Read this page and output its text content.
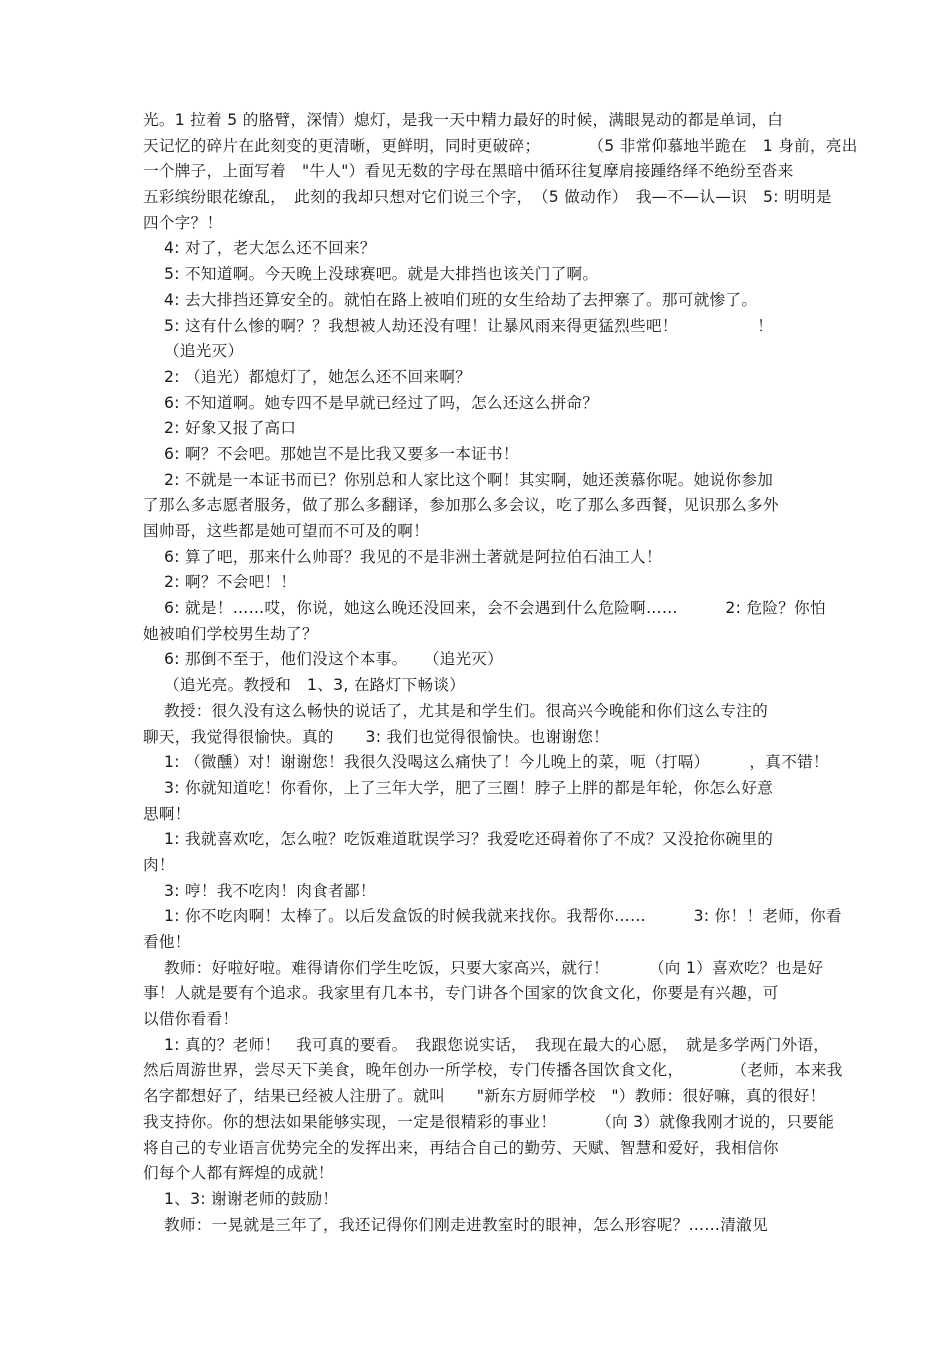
光。1 拉着 5 的胳臂，深情）熄灯，是我一天中精力最好的时候，满眼晃动的都是单词，白
天记忆的碎片在此刻变的更清晰，更鲜明，同时更破碎；　　　　（5 非常仰慕地半跪在　1 身前，亮出
一个牌子，上面写着　"牛人"）看见无数的字母在黑暗中循环往复摩肩接踵络绎不绝纷至沓来
五彩缤纷眼花缭乱，　此刻的我却只想对它们说三个字，　（5 做动作）　我—不—认—识　5: 明明是
四个字？！
4: 对了，老大怎么还不回来？
5: 不知道啊。今天晚上没球赛吧。就是大排挡也该关门了啊。
4: 去大排挡还算安全的。就怕在路上被咱们班的女生给劫了去押寨了。那可就惨了。
5: 这有什么惨的啊？？我想被人劫还没有哩！让暴风雨来得更猛烈些吧！　　　　　！
（追光灭）
2: （追光）都熄灯了，她怎么还不回来啊？
6: 不知道啊。她专四不是早就已经过了吗，怎么还这么拼命？
2: 好象又报了高口
6: 啊？不会吧。那她岂不是比我又要多一本证书！
2: 不就是一本证书而已？你别总和人家比这个啊！其实啊，她还羡慕你呢。她说你参加
了那么多志愿者服务，做了那么多翻译，参加那么多会议，吃了那么多西餐，见识那么多外
国帅哥，这些都是她可望而不可及的啊！
6: 算了吧，那来什么帅哥？我见的不是非洲土著就是阿拉伯石油工人！
2: 啊？不会吧！！
6: 就是！……哎，你说，她这么晚还没回来，会不会遇到什么危险啊……　　　2: 危险？你怕
她被咱们学校男生劫了？
6: 那倒不至于，他们没这个本事。　　（追光灭）
（追光亮。教授和　1、3, 在路灯下畅谈）
教授：很久没有这么畅快的说话了，尤其是和学生们。很高兴今晚能和你们这么专注的
聊天，我觉得很愉快。真的　　3: 我们也觉得很愉快。也谢谢您！
1: （微醺）对！谢谢您！我很久没喝这么痛快了！今儿晚上的菜，呃（打嗝）　　　，真不错！
3: 你就知道吃！你看你，上了三年大学，肥了三圈！脖子上胖的都是年轮，你怎么好意
思啊！
1: 我就喜欢吃，怎么啦？吃饭难道耽误学习？我爱吃还碍着你了不成？又没抢你碗里的
肉！
3: 哼！我不吃肉！肉食者鄙！
1: 你不吃肉啊！太棒了。以后发盒饭的时候我就来找你。我帮你……　　　3: 你！！老师，你看
看他！
教师：好啦好啦。难得请你们学生吃饭，只要大家高兴，就行！　　　（向 1）喜欢吃？也是好
事！人就是要有个追求。我家里有几本书，专门讲各个国家的饮食文化，你要是有兴趣，可
以借你看看！
1: 真的？老师！　我可真的要看。　我跟您说实话，　我现在最大的心愿，　就是多学两门外语，
然后周游世界，尝尽天下美食，晚年创办一所学校，专门传播各国饮食文化，　　　　（老师，本来我
名字都想好了，结果已经被人注册了。就叫　　"新东方厨师学校　"）教师：很好嘛，真的很好！
我支持你。你的想法如果能够实现，一定是很精彩的事业！　　　（向 3）就像我刚才说的，只要能
将自己的专业语言优势完全的发挥出来，再结合自己的勤劳、天赋、智慧和爱好，我相信你
们每个人都有辉煌的成就！
1、3: 谢谢老师的鼓励！
教师：一晃就是三年了，我还记得你们刚走进教室时的眼神，怎么形容呢？……清澈见
